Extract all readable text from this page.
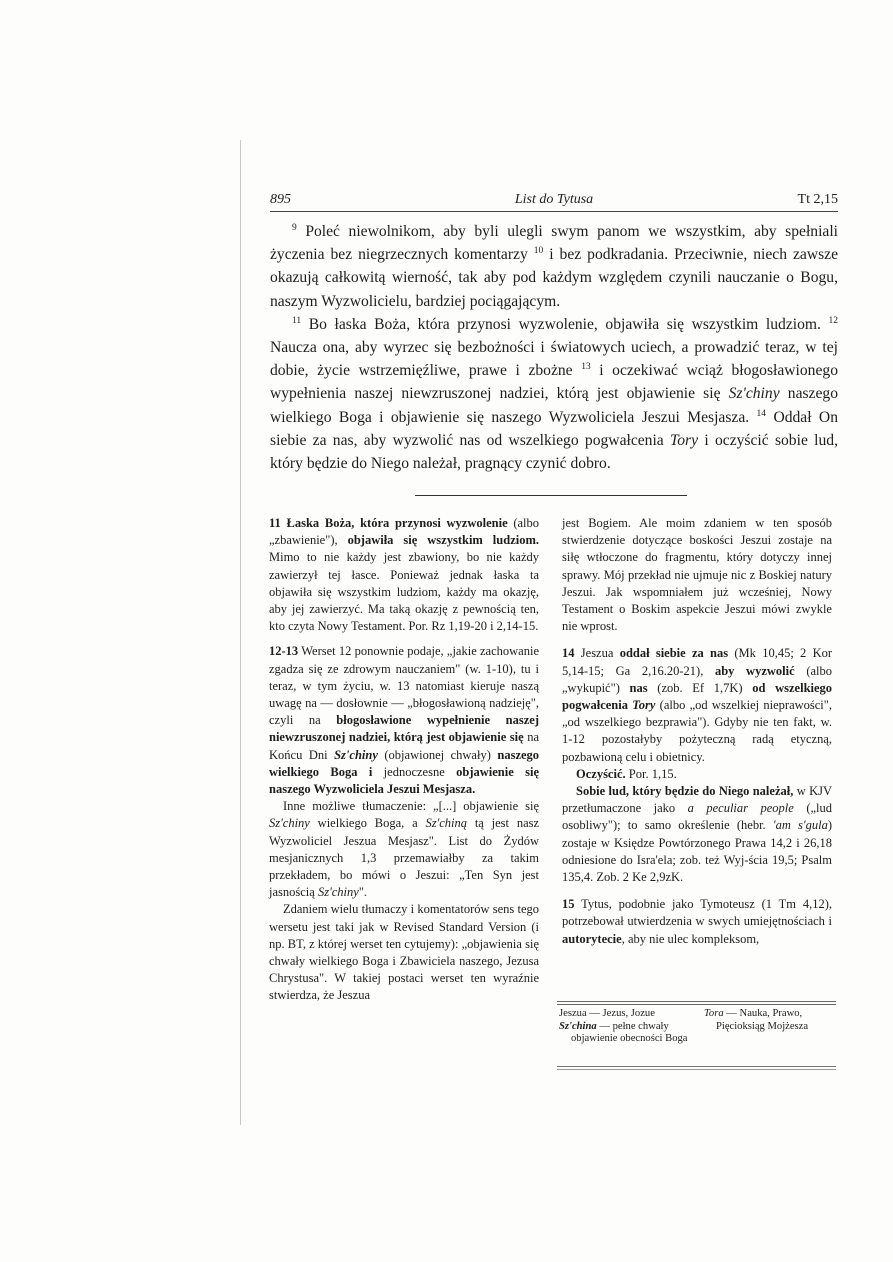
895	List do Tytusa	Tt 2,15

$^9$ Poleć niewolnikom, aby byli ulegli swym panom we wszystkim, aby spełniali życzenia bez niegrzecznych komentarzy $^{10}$ i bez podkradania. Przeciwnie, niech zawsze okazują całkowitą wierność, tak aby pod każdym względem czynili nauczanie o Bogu, naszym Wyzwolicielu, bardziej pociągającym.

$^{11}$ Bo łaska Boża, która przynosi wyzwolenie, objawiła się wszystkim ludziom. $^{12}$ Naucza ona, aby wyrzec się bezbożności i światowych uciech, a prowadzić teraz, w tej dobie, życie wstrzemięźliwe, prawe i zbożne $^{13}$ i oczekiwać wciąż błogosławionego wypełnienia naszej niewzruszonej nadziei, którą jest objawienie się Sz'chiny naszego wielkiego Boga i objawienie się naszego Wyzwoliciela Jeszui Mesjasza. $^{14}$ Oddał On siebie za nas, aby wyzwolić nas od wszelkiego pogwałcenia Tory i oczyścić sobie lud, który będzie do Niego należał, pragnący czynić dobro.

11 Łaska Boża, która przynosi wyzwolenie (albo „zbawienie"), objawiła się wszystkim ludziom. Mimo to nie każdy jest zbawiony, bo nie każdy zawierzył tej łasce. Ponieważ jednak łaska ta objawiła się wszystkim ludziom, każdy ma okazję, aby jej zawierzyć. Ma taką okazję z pewnością ten, kto czyta Nowy Testament. Por. Rz 1,19-20 i 2,14-15.

12-13 Werset 12 ponownie podaje, „jakie zachowanie zgadza się ze zdrowym nauczaniem" (w. 1-10), tu i teraz, w tym życiu, w. 13 natomiast kieruje naszą uwagę na — dosłownie — „błogosławioną nadzieję", czyli na błogosławione wypełnienie naszej niewzruszonej nadziei, którą jest objawienie się na Końcu Dni Sz'chiny (objawionej chwały) naszego wielkiego Boga i jednoczesne objawienie się naszego Wyzwoliciela Jeszui Mesjasza.

Inne możliwe tłumaczenie: „[...] objawienie się Sz'chiny wielkiego Boga, a Sz'chiną tą jest nasz Wyzwoliciel Jeszua Mesjasz". List do Żydów mesjanicznych 1,3 przemawiałby za takim przekładem, bo mówi o Jeszui: „Ten Syn jest jasnością Sz'chiny".

Zdaniem wielu tłumaczy i komentatorów sens tego wersetu jest taki jak w Revised Standard Version (i np. BT, z której werset ten cytujemy): „objawienia się chwały wielkiego Boga i Zbawiciela naszego, Jezusa Chrystusa". W takiej postaci werset ten wyraźnie stwierdza, że Jeszua

jest Bogiem. Ale moim zdaniem w ten sposób stwierdzenie dotyczące boskości Jeszui zostaje na siłę wtłoczone do fragmentu, który dotyczy innej sprawy. Mój przekład nie ujmuje nic z Boskiej natury Jeszui. Jak wspomniałem już wcześniej, Nowy Testament o Boskim aspekcie Jeszui mówi zwykle nie wprost.

14 Jeszua oddał siebie za nas (Mk 10,45; 2 Kor 5,14-15; Ga 2,16.20-21), aby wyzwolić (albo „wykupić") nas (zob. Ef 1,7K) od wszelkiego pogwałcenia Tory (albo „od wszelkiej nieprawości", „od wszelkiego bezprawia"). Gdyby nie ten fakt, w. 1-12 pozostałyby pożyteczną radą etyczną, pozbawioną celu i obietnicy.

Oczyścić. Por. 1,15.

Sobie lud, który będzie do Niego należał, w KJV przetłumaczone jako a peculiar people („lud osobliwy"); to samo określenie (hebr. 'am s'gula) zostaje w Księdze Powtórzonego Prawa 14,2 i 26,18 odniesione do Isra'ela; zob. też Wyj-ścia 19,5; Psalm 135,4. Zob. 2 Ke 2,9zK.

15 Tytus, podobnie jako Tymoteusz (1 Tm 4,12), potrzebował utwierdzenia w swych umiejętnościach i autorytecie, aby nie ulec kompleksom,

Jeszua — Jezus, Jozue

Sz'china — pełne chwały objawienie obecności Boga

Tora — Nauka, Prawo, Pięcioksiąg Mojżesza
